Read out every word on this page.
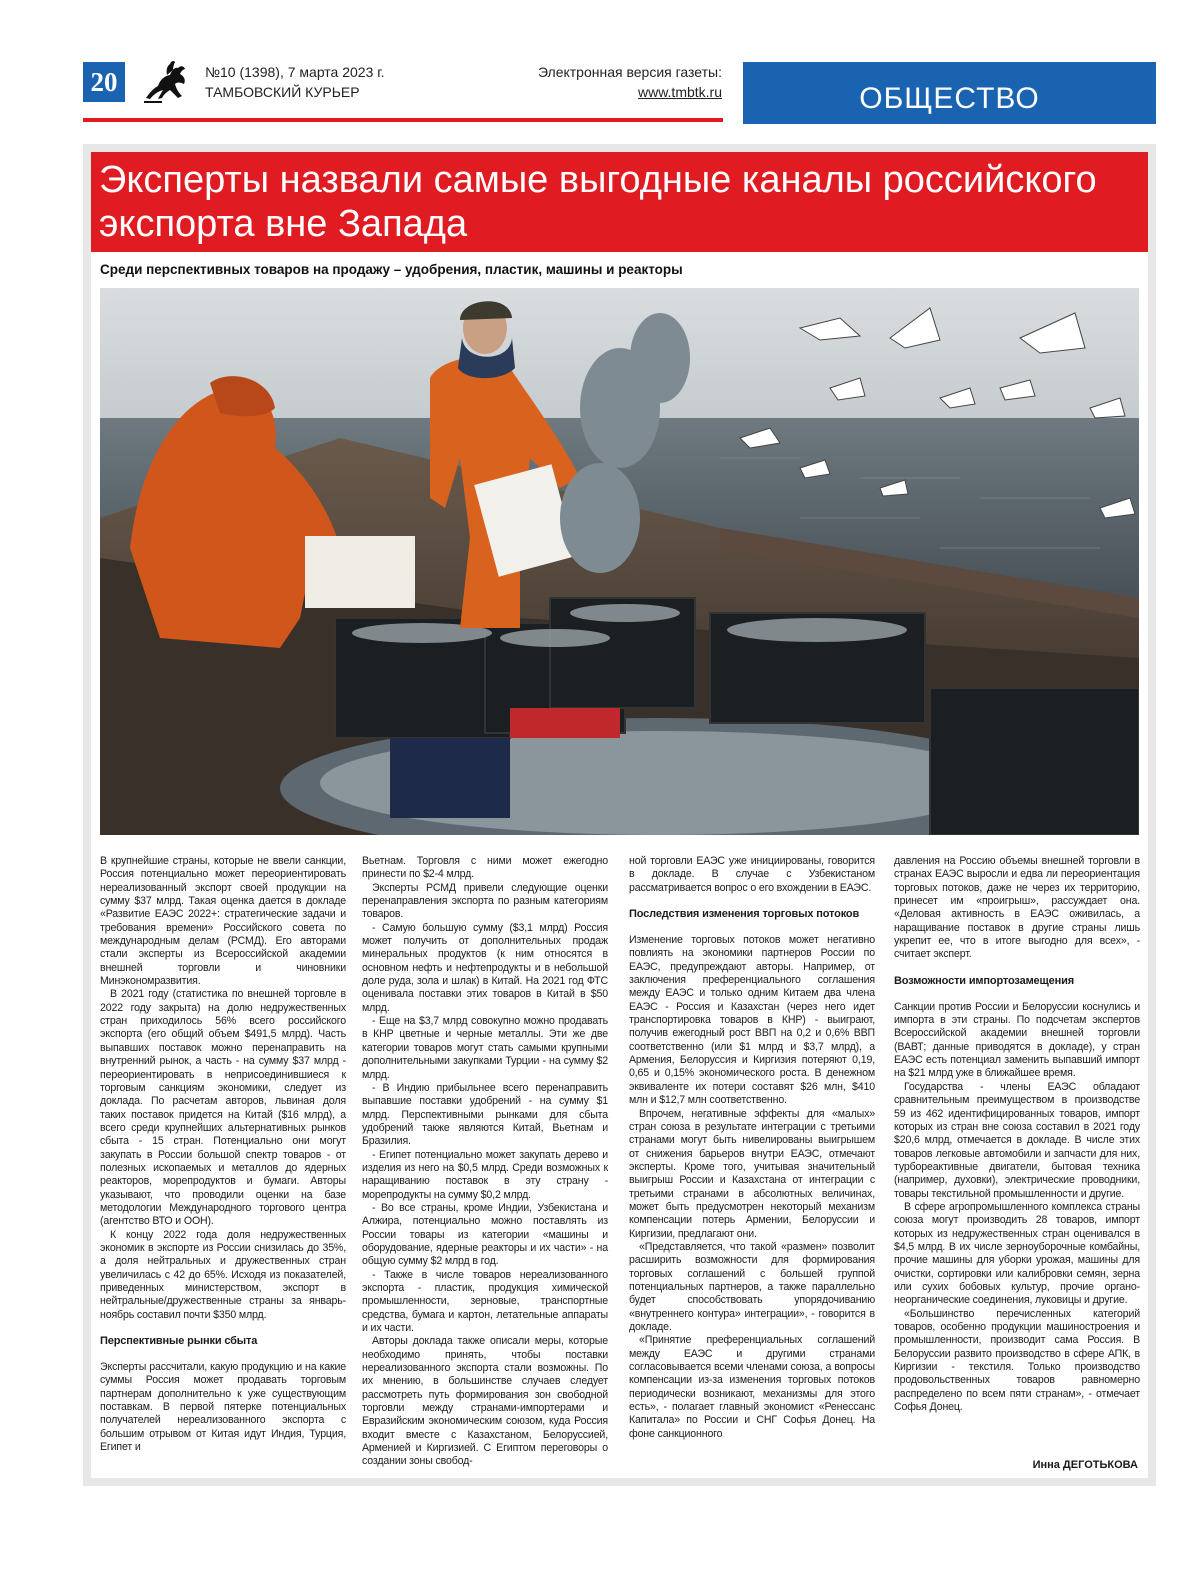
20	№10 (1398), 7 марта 2023 г.
ТАМБОВСКИЙ КУРЬЕР
Электронная версия газеты:
www.tmbtk.ru	ОБЩЕСТВО
Эксперты назвали самые выгодные каналы российского экспорта вне Запада
Среди перспективных товаров на продажу – удобрения, пластик, машины и реакторы

В крупнейшие страны, которые не ввели санкции, Россия потенциально может переориентировать нереализованный экспорт своей продукции на сумму $37 млрд. Такая оценка дается в докладе «Развитие ЕАЭС 2022+: стратегические задачи и требования времени» Российского совета по международным делам (РСМД). Его авторами стали эксперты из Всероссийской академии внешней торговли и чиновники Минэкономразвития.

В 2021 году (статистика по внешней торговле в 2022 году закрыта) на долю недружественных стран приходилось 56% всего российского экспорта (его общий объем $491,5 млрд). Часть выпавших поставок можно перенаправить на внутренний рынок, а часть - на сумму $37 млрд - переориентировать в неприсоединившиеся к торговым санкциям экономики, следует из доклада. По расчетам авторов, львиная доля таких поставок придется на Китай ($16 млрд), а всего среди крупнейших альтернативных рынков сбыта - 15 стран. Потенциально они могут закупать в России большой спектр товаров - от полезных ископаемых и металлов до ядерных реакторов, морепродуктов и бумаги. Авторы указывают, что проводили оценки на базе методологии Международного торгового центра (агентство ВТО и ООН).

К концу 2022 года доля недружественных экономик в экспорте из России снизилась до 35%, а доля нейтральных и дружественных стран увеличилась с 42 до 65%. Исходя из показателей, приведенных министерством, экспорт в нейтральные/дружественные страны за январь-ноябрь составил почти $350 млрд.

Перспективные рынки сбыта

Эксперты рассчитали, какую продукцию и на какие суммы Россия может продавать торговым партнерам дополнительно к уже существующим поставкам. В первой пятерке потенциальных получателей нереализованного экспорта с большим отрывом от Китая идут Индия, Турция, Египет и

Вьетнам. Торговля с ними может ежегодно принести по $2-4 млрд.

Эксперты РСМД привели следующие оценки перенаправления экспорта по разным категориям товаров.

- Самую большую сумму ($3,1 млрд) Россия может получить от дополнительных продаж минеральных продуктов (к ним относятся в основном нефть и нефтепродукты и в небольшой доле руда, зола и шлак) в Китай. На 2021 год ФТС оценивала поставки этих товаров в Китай в $50 млрд.

- Еще на $3,7 млрд совокупно можно продавать в КНР цветные и черные металлы. Эти же две категории товаров могут стать самыми крупными дополнительными закупками Турции - на сумму $2 млрд.

- В Индию прибыльнее всего перенаправить выпавшие поставки удобрений - на сумму $1 млрд. Перспективными рынками для сбыта удобрений также являются Китай, Вьетнам и Бразилия.

- Египет потенциально может закупать дерево и изделия из него на $0,5 млрд. Среди возможных к наращиванию поставок в эту страну - морепродукты на сумму $0,2 млрд.

- Во все страны, кроме Индии, Узбекистана и Алжира, потенциально можно поставлять из России товары из категории «машины и оборудование, ядерные реакторы и их части» - на общую сумму $2 млрд в год.

- Также в числе товаров нереализованного экспорта - пластик, продукция химической промышленности, зерновые, транспортные средства, бумага и картон, летательные аппараты и их части.

Авторы доклада также описали меры, которые необходимо принять, чтобы поставки нереализованного экспорта стали возможны. По их мнению, в большинстве случаев следует рассмотреть путь формирования зон свободной торговли между странами-импортерами и Евразийским экономическим союзом, куда Россия входит вместе с Казахстаном, Белоруссией, Арменией и Киргизией. С Египтом переговоры о создании зоны свобод-

ной торговли ЕАЭС уже инициированы, говорится в докладе. В случае с Узбекистаном рассматривается вопрос о его вхождении в ЕАЭС.

Последствия изменения торговых потоков

Изменение торговых потоков может негативно повлиять на экономики партнеров России по ЕАЭС, предупреждают авторы. Например, от заключения преференциального соглашения между ЕАЭС и только одним Китаем два члена ЕАЭС - Россия и Казахстан (через него идет транспортировка товаров в КНР) - выиграют, получив ежегодный рост ВВП на 0,2 и 0,6% ВВП соответственно (или $1 млрд и $3,7 млрд), а Армения, Белоруссия и Киргизия потеряют 0,19, 0,65 и 0,15% экономического роста. В денежном эквиваленте их потери составят $26 млн, $410 млн и $12,7 млн соответственно.

Впрочем, негативные эффекты для «малых» стран союза в результате интеграции с третьими странами могут быть нивелированы выигрышем от снижения барьеров внутри ЕАЭС, отмечают эксперты. Кроме того, учитывая значительный выигрыш России и Казахстана от интеграции с третьими странами в абсолютных величинах, может быть предусмотрен некоторый механизм компенсации потерь Армении, Белоруссии и Киргизии, предлагают они.

«Представляется, что такой «размен» позволит расширить возможности для формирования торговых соглашений с большей группой потенциальных партнеров, а также параллельно будет способствовать упорядочиванию «внутреннего контура» интеграции», - говорится в докладе.

«Принятие преференциальных соглашений между ЕАЭС и другими странами согласовывается всеми членами союза, а вопросы компенсации из-за изменения торговых потоков периодически возникают, механизмы для этого есть», - полагает главный экономист «Ренессанс Капитала» по России и СНГ Софья Донец. На фоне санкционного

давления на Россию объемы внешней торговли в странах ЕАЭС выросли и едва ли переориентация торговых потоков, даже не через их территорию, принесет им «проигрыш», рассуждает она. «Деловая активность в ЕАЭС оживилась, а наращивание поставок в другие страны лишь укрепит ее, что в итоге выгодно для всех», - считает эксперт.

Возможности импортозамещения

Санкции против России и Белоруссии коснулись и импорта в эти страны. По подсчетам экспертов Всероссийской академии внешней торговли (ВАВТ; данные приводятся в докладе), у стран ЕАЭС есть потенциал заменить выпавший импорт на $21 млрд уже в ближайшее время.

Государства - члены ЕАЭС обладают сравнительным преимуществом в производстве 59 из 462 идентифицированных товаров, импорт которых из стран вне союза составил в 2021 году $20,6 млрд, отмечается в докладе. В числе этих товаров легковые автомобили и запчасти для них, турбореактивные двигатели, бытовая техника (например, духовки), электрические проводники, товары текстильной промышленности и другие.

В сфере агропромышленного комплекса страны союза могут производить 28 товаров, импорт которых из недружественных стран оценивался в $4,5 млрд. В их числе зерноуборочные комбайны, прочие машины для уборки урожая, машины для очистки, сортировки или калибровки семян, зерна или сухих бобовых культур, прочие органо-неорганические соединения, луковицы и другие.

«Большинство перечисленных категорий товаров, особенно продукции машиностроения и промышленности, производит сама Россия. В Белоруссии развито производство в сфере АПК, в Киргизии - текстиля. Только производство продовольственных товаров равномерно распределено по всем пяти странам», - отмечает Софья Донец.

Инна ДЕГОТЬКОВА
